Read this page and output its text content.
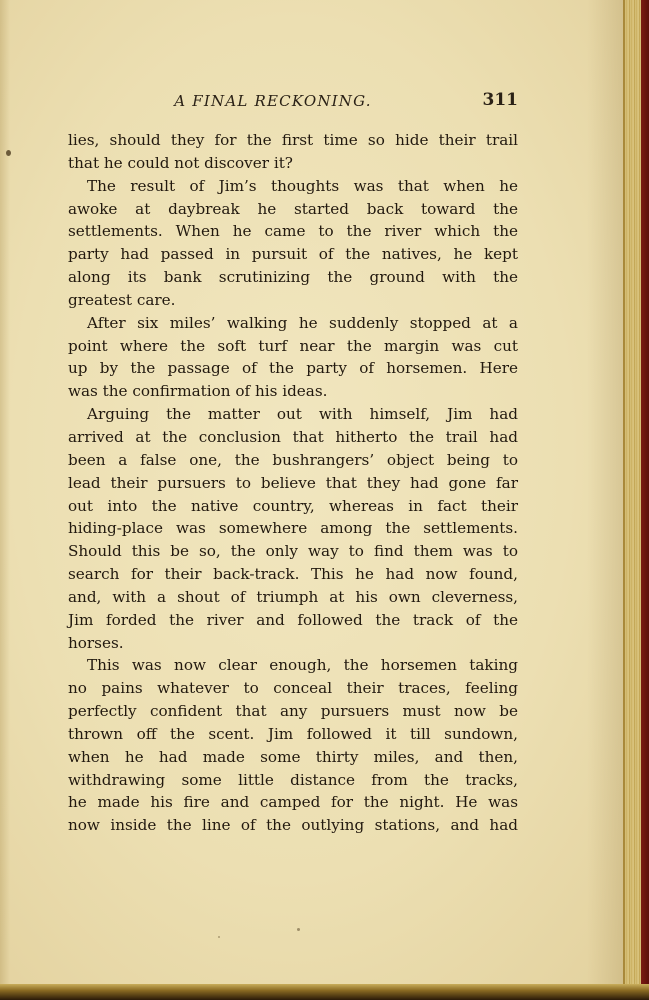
A FINAL RECKONING.	311
lies, should they for the first time so hide their trail
that he could not discover it?
The result of Jim’s thoughts was that when he
awoke at daybreak he started back toward the
settlements. When he came to the river which the
party had passed in pursuit of the natives, he kept
along its bank scrutinizing the ground with the
greatest care.
After six miles’ walking he suddenly stopped at a
point where the soft turf near the margin was cut
up by the passage of the party of horsemen. Here
was the confirmation of his ideas.
Arguing the matter out with himself, Jim had
arrived at the conclusion that hitherto the trail had
been a false one, the bushrangers’ object being to
lead their pursuers to believe that they had gone far
out into the native country, whereas in fact their
hiding-place was somewhere among the settlements.
Should this be so, the only way to find them was to
search for their back-track. This he had now found,
and, with a shout of triumph at his own cleverness,
Jim forded the river and followed the track of the
horses.
This was now clear enough, the horsemen taking
no pains whatever to conceal their traces, feeling
perfectly confident that any pursuers must now be
thrown off the scent. Jim followed it till sundown,
when he had made some thirty miles, and then,
withdrawing some little distance from the tracks,
he made his fire and camped for the night. He was
now inside the line of the outlying stations, and had
